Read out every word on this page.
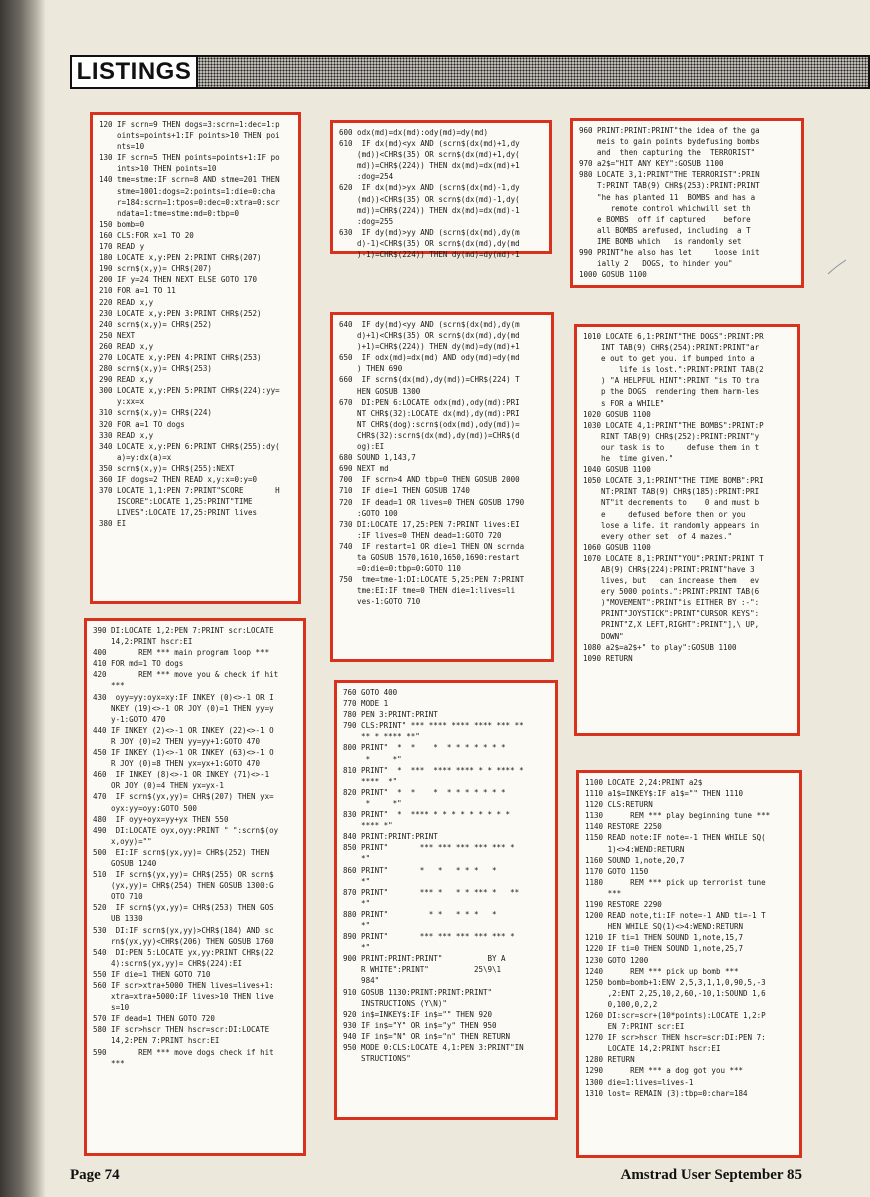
LISTINGS
120 IF scrn=9 THEN dogs=3:scrn=1:dec=1:p
oints=points+1:IF points>10 THEN poi
nts=10
130 IF scrn=5 THEN points=points+1:IF po
ints>10 THEN points=10
140 tme=stme:IF scrn=8 AND stme=201 THEN
stme=1001:dogs=2:points=1:die=0:cha
r=184:scrn=1:tpos=0:dec=0:xtra=0:scr
ndata=1:tme=stme:md=0:tbp=0
150 bomb=0
160 CLS:FOR x=1 TO 20
170 READ y
180 LOCATE x,y:PEN 2:PRINT CHR$(207)
190 scrn$(x,y)= CHR$(207)
200 IF y=24 THEN NEXT ELSE GOTO 170
210 FOR a=1 TO 11
220 READ x,y
230 LOCATE x,y:PEN 3:PRINT CHR$(252)
240 scrn$(x,y)= CHR$(252)
250 NEXT
260 READ x,y
270 LOCATE x,y:PEN 4:PRINT CHR$(253)
280 scrn$(x,y)= CHR$(253)
290 READ x,y
300 LOCATE x,y:PEN 5:PRINT CHR$(224):yy=
y:xx=x
310 scrn$(x,y)= CHR$(224)
320 FOR a=1 TO dogs
330 READ x,y
340 LOCATE x,y:PEN 6:PRINT CHR$(255):dy(
a)=y:dx(a)=x
350 scrn$(x,y)= CHR$(255):NEXT
360 IF dogs=2 THEN READ x,y:x=0:y=0
370 LOCATE 1,1:PEN 7:PRINT"SCORE       H
ISCORE":LOCATE 1,25:PRINT"TIME
LIVES":LOCATE 17,25:PRINT lives
380 EI
390 DI:LOCATE 1,2:PEN 7:PRINT scr:LOCATE
14,2:PRINT hscr:EI
400       REM *** main program loop ***
410 FOR md=1 TO dogs
420       REM *** move you & check if hit
***
430  oyy=yy:oyx=xy:IF INKEY (0)<>-1 OR I
NKEY (19)<>-1 OR JOY (0)=1 THEN yy=y
y-1:GOTO 470
440 IF INKEY (2)<>-1 OR INKEY (22)<>-1 O
R JOY (0)=2 THEN yy=yy+1:GOTO 470
450 IF INKEY (1)<>-1 OR INKEY (63)<>-1 O
R JOY (0)=8 THEN yx=yx+1:GOTO 470
460  IF INKEY (8)<>-1 OR INKEY (71)<>-1
OR JOY (0)=4 THEN yx=yx-1
470  IF scrn$(yx,yy)= CHR$(207) THEN yx=
oyx:yy=oyy:GOTO 500
480  IF oyy+oyx=yy+yx THEN 550
490  DI:LOCATE oyx,oyy:PRINT " ":scrn$(oy
x,oyy)=""
500  EI:IF scrn$(yx,yy)= CHR$(252) THEN
GOSUB 1240
510  IF scrn$(yx,yy)= CHR$(255) OR scrn$
(yx,yy)= CHR$(254) THEN GOSUB 1300:G
OTO 710
520  IF scrn$(yx,yy)= CHR$(253) THEN GOS
UB 1330
530  DI:IF scrn$(yx,yy)>CHR$(184) AND sc
rn$(yx,yy)<CHR$(206) THEN GOSUB 1760
540  DI:PEN 5:LOCATE yx,yy:PRINT CHR$(22
4):scrn$(yx,yy)= CHR$(224):EI
550 IF die=1 THEN GOTO 710
560 IF scr>xtra+5000 THEN lives=lives+1:
xtra=xtra+5000:IF lives>10 THEN live
s=10
570 IF dead=1 THEN GOTO 720
580 IF scr>hscr THEN hscr=scr:DI:LOCATE
14,2:PEN 7:PRINT hscr:EI
590       REM *** move dogs check if hit
***
600 odx(md)=dx(md):ody(md)=dy(md)
610  IF dx(md)<yx AND (scrn$(dx(md)+1,dy
(md))<CHR$(35) OR scrn$(dx(md)+1,dy(
md))=CHR$(224)) THEN dx(md)=dx(md)+1
:dog=254
620  IF dx(md)>yx AND (scrn$(dx(md)-1,dy
(md))<CHR$(35) OR scrn$(dx(md)-1,dy(
md))=CHR$(224)) THEN dx(md)=dx(md)-1
:dog=255
630  IF dy(md)>yy AND (scrn$(dx(md),dy(m
d)-1)<CHR$(35) OR scrn$(dx(md),dy(md
)-1)=CHR$(224)) THEN dy(md)=dy(md)-1
640  IF dy(md)<yy AND (scrn$(dx(md),dy(m
d)+1)<CHR$(35) OR scrn$(dx(md),dy(md
)+1)=CHR$(224)) THEN dy(md)=dy(md)+1
650  IF odx(md)=dx(md) AND ody(md)=dy(md
) THEN 690
660  IF scrn$(dx(md),dy(md))=CHR$(224) T
HEN GOSUB 1300
670  DI:PEN 6:LOCATE odx(md),ody(md):PRI
NT CHR$(32):LOCATE dx(md),dy(md):PRI
NT CHR$(dog):scrn$(odx(md),ody(md))=
CHR$(32):scrn$(dx(md),dy(md))=CHR$(d
og):EI
680 SOUND 1,143,7
690 NEXT md
700  IF scrn>4 AND tbp=0 THEN GOSUB 2000
710  IF die=1 THEN GOSUB 1740
720  IF dead=1 OR lives=0 THEN GOSUB 1790
:GOTO 100
730 DI:LOCATE 17,25:PEN 7:PRINT lives:EI
:IF lives=0 THEN dead=1:GOTO 720
740  IF restart=1 OR die=1 THEN ON scrnda
ta GOSUB 1570,1610,1650,1690:restart
=0:die=0:tbp=0:GOTO 110
750  tme=tme-1:DI:LOCATE 5,25:PEN 7:PRINT
tme:EI:IF tme=0 THEN die=1:lives=li
ves-1:GOTO 710
760 GOTO 400
770 MODE 1
780 PEN 3:PRINT:PRINT
790 CLS:PRINT" *** **** **** **** *** **
** * **** **"
800 PRINT"  *  *    *  * * * * * * *
*     *"
810 PRINT"  *  ***  **** **** * * **** *
****  *"
820 PRINT"  *  *    *  * * * * * * *
*     *"
830 PRINT"  *  **** * * * * * * * * *
**** *"
840 PRINT:PRINT:PRINT
850 PRINT"       *** *** *** *** *** *
*"
860 PRINT"       *   *   * * *   *
*"
870 PRINT"       *** *   * * *** *   **
*"
880 PRINT"         * *   * * *   *
*"
890 PRINT"       *** *** *** *** *** *
*"
900 PRINT:PRINT:PRINT"          BY A
R WHITE":PRINT"          25\9\1
984"
910 GOSUB 1130:PRINT:PRINT:PRINT"
INSTRUCTIONS (Y\N)"
920 in$=INKEY$:IF in$="" THEN 920
930 IF in$="Y" OR in$="y" THEN 950
940 IF in$="N" OR in$="n" THEN RETURN
950 MODE 0:CLS:LOCATE 4,1:PEN 3:PRINT"IN
STRUCTIONS"
960 PRINT:PRINT:PRINT"the idea of the ga
meis to gain points bydefusing bombs
and  then capturing the  TERRORIST"
970 a2$="HIT ANY KEY":GOSUB 1100
980 LOCATE 3,1:PRINT"THE TERRORIST":PRIN
T:PRINT TAB(9) CHR$(253):PRINT:PRINT
"he has planted 11  BOMBS and has a
remote control whichwill set th
e BOMBS  off if captured    before
all BOMBS arefused, including  a T
IME BOMB which   is randomly set
990 PRINT"he also has let     loose init
ially 2   DOGS, to hinder you"
1000 GOSUB 1100
1010 LOCATE 6,1:PRINT"THE DOGS":PRINT:PR
INT TAB(9) CHR$(254):PRINT:PRINT"ar
e out to get you. if bumped into a
life is lost.":PRINT:PRINT TAB(2
) "A HELPFUL HINT":PRINT "is TO tra
p the DOGS  rendering them harm-les
s FOR a WHILE"
1020 GOSUB 1100
1030 LOCATE 4,1:PRINT"THE BOMBS":PRINT:P
RINT TAB(9) CHR$(252):PRINT:PRINT"y
our task is to     defuse them in t
he  time given."
1040 GOSUB 1100
1050 LOCATE 3,1:PRINT"THE TIME BOMB":PRI
NT:PRINT TAB(9) CHR$(185):PRINT:PRI
NT"it decrements to    0 and must b
e     defused before then or you
lose a life. it randomly appears in
every other set  of 4 mazes."
1060 GOSUB 1100
1070 LOCATE 8,1:PRINT"YOU":PRINT:PRINT T
AB(9) CHR$(224):PRINT:PRINT"have 3
lives, but   can increase them   ev
ery 5000 points.":PRINT:PRINT TAB(6
)"MOVEMENT":PRINT"is EITHER BY :-":
PRINT"JOYSTICK":PRINT"CURSOR KEYS":
PRINT"Z,X LEFT,RIGHT":PRINT"],\ UP,
DOWN"
1080 a2$=a2$+" to play":GOSUB 1100
1090 RETURN
1100 LOCATE 2,24:PRINT a2$
1110 a1$=INKEY$:IF a1$="" THEN 1110
1120 CLS:RETURN
1130      REM *** play beginning tune ***
1140 RESTORE 2250
1150 READ note:IF note=-1 THEN WHILE SQ(
1)<>4:WEND:RETURN
1160 SOUND 1,note,20,7
1170 GOTO 1150
1180      REM *** pick up terrorist tune
***
1190 RESTORE 2290
1200 READ note,ti:IF note=-1 AND ti=-1 T
HEN WHILE SQ(1)<>4:WEND:RETURN
1210 IF ti=1 THEN SOUND 1,note,15,7
1220 IF ti=0 THEN SOUND 1,note,25,7
1230 GOTO 1200
1240      REM *** pick up bomb ***
1250 bomb=bomb+1:ENV 2,5,3,1,1,0,90,5,-3
,2:ENT 2,25,10,2,60,-10,1:SOUND 1,6
0,100,0,2,2
1260 DI:scr=scr+(10*points):LOCATE 1,2:P
EN 7:PRINT scr:EI
1270 IF scr>hscr THEN hscr=scr:DI:PEN 7:
LOCATE 14,2:PRINT hscr:EI
1280 RETURN
1290      REM *** a dog got you ***
1300 die=1:lives=lives-1
1310 lost= REMAIN (3):tbp=0:char=184
Page 74	Amstrad User September 85
